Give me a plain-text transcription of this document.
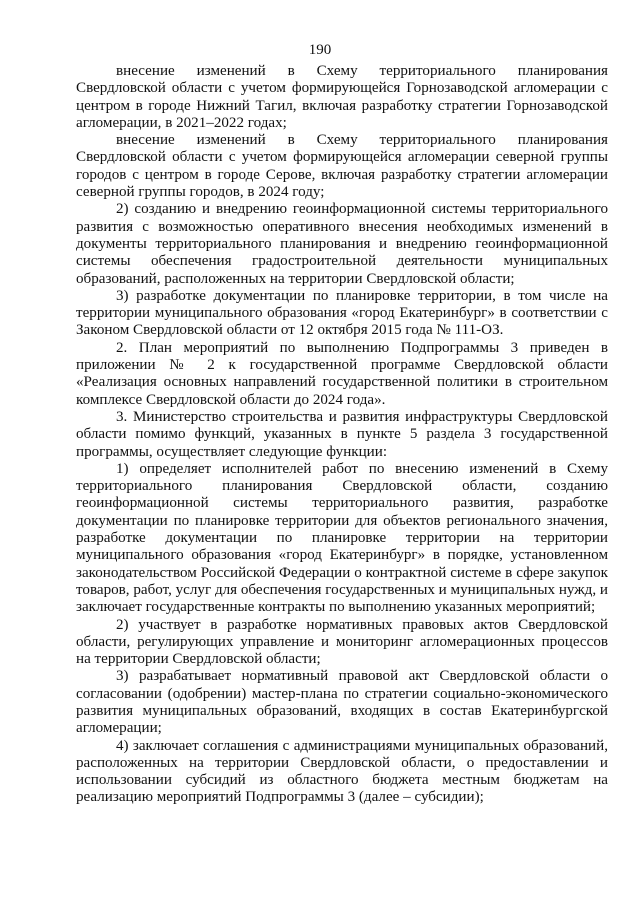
190

внесение изменений в Схему территориального планирования Свердловской области с учетом формирующейся Горнозаводской агломерации с центром в городе Нижний Тагил, включая разработку стратегии Горнозаводской агломерации, в 2021–2022 годах;

внесение изменений в Схему территориального планирования Свердловской области с учетом формирующейся агломерации северной группы городов с центром в городе Серове, включая разработку стратегии агломерации северной группы городов, в 2024 году;

2) созданию и внедрению геоинформационной системы территориального развития с возможностью оперативного внесения необходимых изменений в документы территориального планирования и внедрению геоинформационной системы обеспечения градостроительной деятельности муниципальных образований, расположенных на территории Свердловской области;

3) разработке документации по планировке территории, в том числе на территории муниципального образования «город Екатеринбург» в соответствии с Законом Свердловской области от 12 октября 2015 года № 111-ОЗ.

2. План мероприятий по выполнению Подпрограммы 3 приведен в приложении № 2 к государственной программе Свердловской области «Реализация основных направлений государственной политики в строительном комплексе Свердловской области до 2024 года».

3. Министерство строительства и развития инфраструктуры Свердловской области помимо функций, указанных в пункте 5 раздела 3 государственной программы, осуществляет следующие функции:

1) определяет исполнителей работ по внесению изменений в Схему территориального планирования Свердловской области, созданию геоинформационной системы территориального развития, разработке документации по планировке территории для объектов регионального значения, разработке документации по планировке территории на территории муниципального образования «город Екатеринбург» в порядке, установленном законодательством Российской Федерации о контрактной системе в сфере закупок товаров, работ, услуг для обеспечения государственных и муниципальных нужд, и заключает государственные контракты по выполнению указанных мероприятий;

2) участвует в разработке нормативных правовых актов Свердловской области, регулирующих управление и мониторинг агломерационных процессов на территории Свердловской области;

3) разрабатывает нормативный правовой акт Свердловской области о согласовании (одобрении) мастер-плана по стратегии социально-экономического развития муниципальных образований, входящих в состав Екатеринбургской агломерации;

4) заключает соглашения с администрациями муниципальных образований, расположенных на территории Свердловской области, о предоставлении и использовании субсидий из областного бюджета местным бюджетам на реализацию мероприятий Подпрограммы 3 (далее – субсидии);
